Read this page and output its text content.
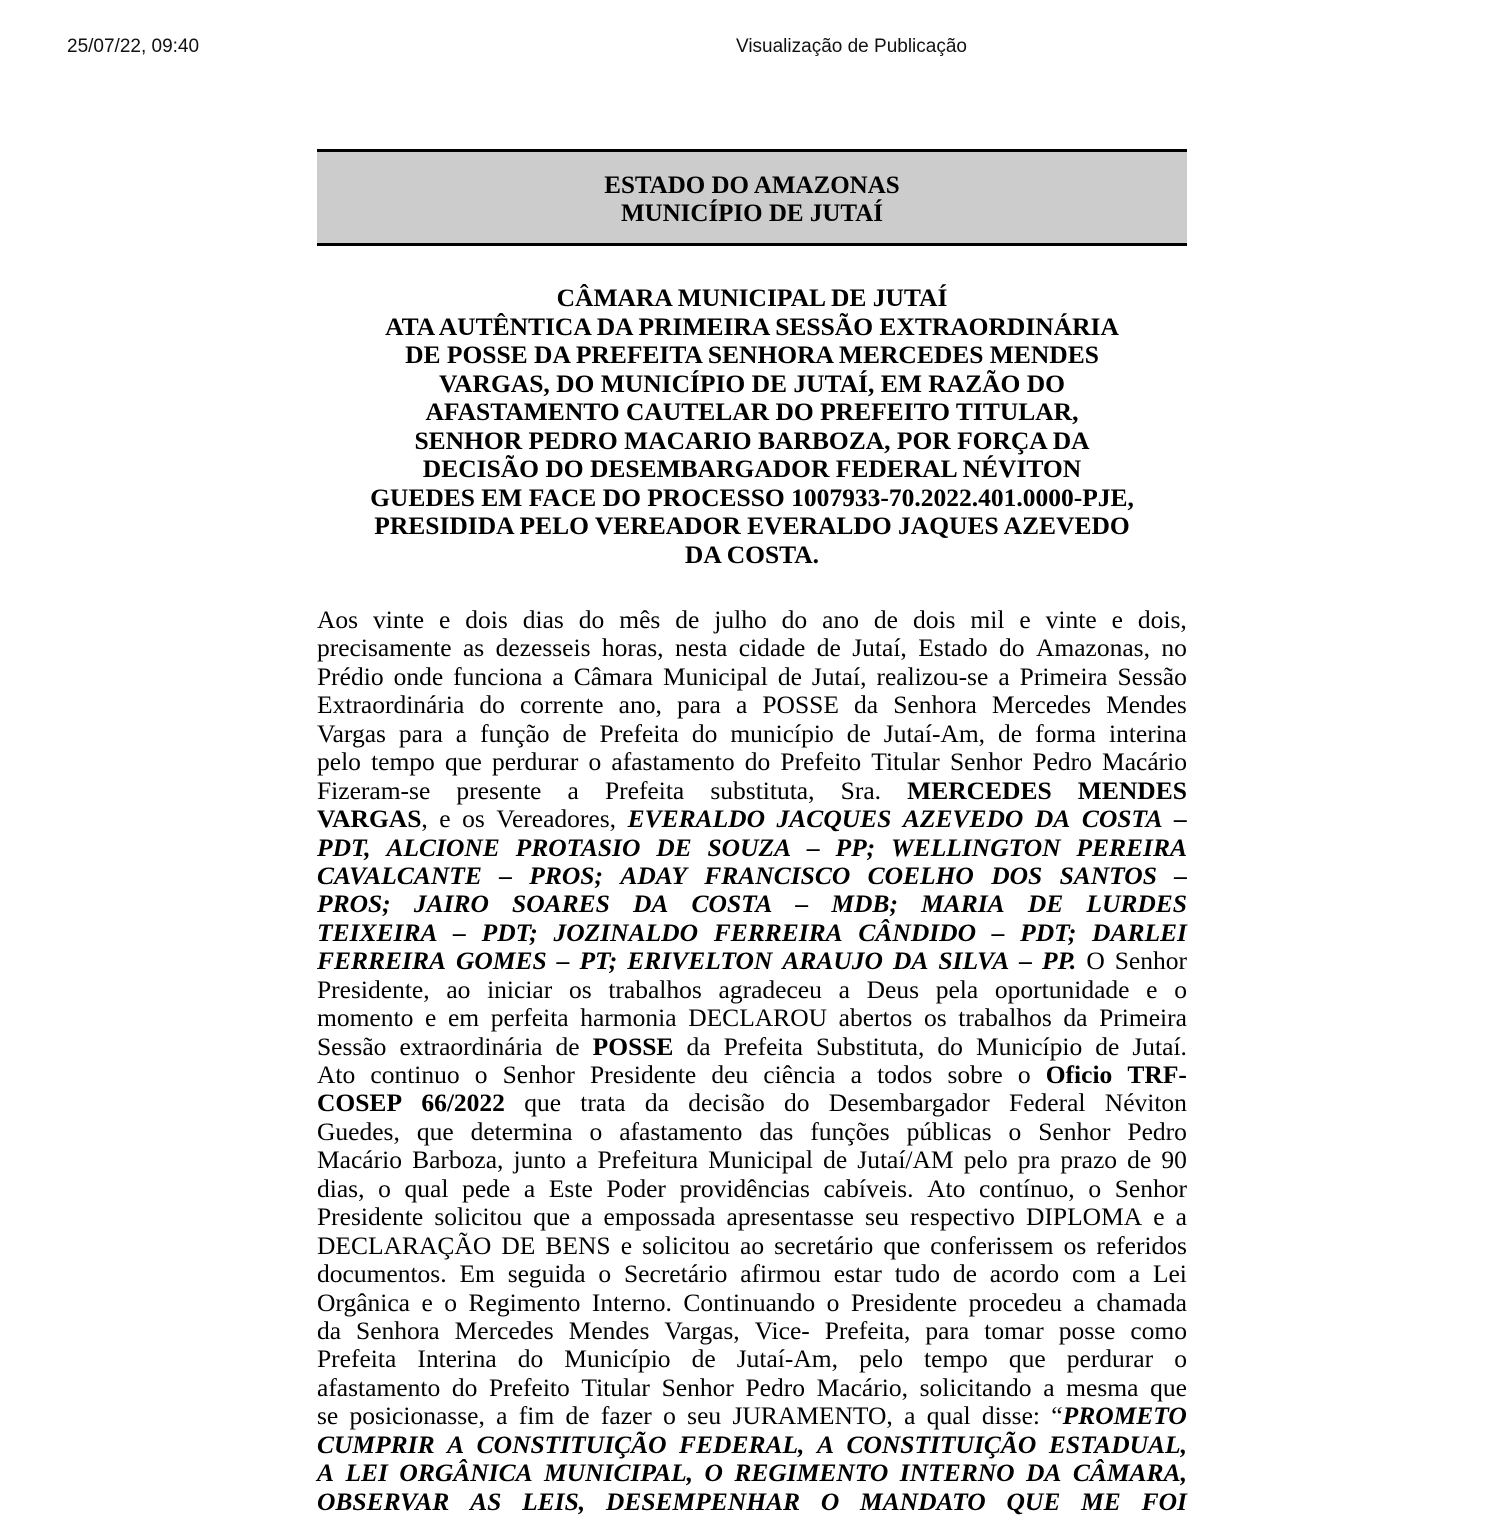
25/07/22, 09:40	Visualização de Publicação
ESTADO DO AMAZONAS
MUNICÍPIO DE JUTAÍ
CÂMARA MUNICIPAL DE JUTAÍ
ATA AUTÊNTICA DA PRIMEIRA SESSÃO EXTRAORDINÁRIA
DE POSSE DA PREFEITA SENHORA MERCEDES MENDES
VARGAS, DO MUNICÍPIO DE JUTAÍ, EM RAZÃO DO
AFASTAMENTO CAUTELAR DO PREFEITO TITULAR,
SENHOR PEDRO MACARIO BARBOZA, POR FORÇA DA
DECISÃO DO DESEMBARGADOR FEDERAL NÉVITON
GUEDES EM FACE DO PROCESSO 1007933-70.2022.401.0000-PJE,
PRESIDIDA PELO VEREADOR EVERALDO JAQUES AZEVEDO
DA COSTA.
Aos vinte e dois dias do mês de julho do ano de dois mil e vinte e dois,
precisamente as dezesseis horas, nesta cidade de Jutaí, Estado do Amazonas, no
Prédio onde funciona a Câmara Municipal de Jutaí, realizou-se a Primeira Sessão
Extraordinária do corrente ano, para a POSSE da Senhora Mercedes Mendes
Vargas para a função de Prefeita do município de Jutaí-Am, de forma interina
pelo tempo que perdurar o afastamento do Prefeito Titular Senhor Pedro Macário
Fizeram-se presente a Prefeita substituta, Sra. MERCEDES MENDES
VARGAS, e os Vereadores, EVERALDO JACQUES AZEVEDO DA COSTA –
PDT, ALCIONE PROTASIO DE SOUZA – PP; WELLINGTON PEREIRA
CAVALCANTE – PROS; ADAY FRANCISCO COELHO DOS SANTOS –
PROS; JAIRO SOARES DA COSTA – MDB; MARIA DE LURDES
TEIXEIRA – PDT; JOZINALDO FERREIRA CÂNDIDO – PDT; DARLEI
FERREIRA GOMES – PT; ERIVELTON ARAUJO DA SILVA – PP. O Senhor
Presidente, ao iniciar os trabalhos agradeceu a Deus pela oportunidade e o
momento e em perfeita harmonia DECLAROU abertos os trabalhos da Primeira
Sessão extraordinária de POSSE da Prefeita Substituta, do Município de Jutaí.
Ato continuo o Senhor Presidente deu ciência a todos sobre o Oficio TRF-
COSEP 66/2022 que trata da decisão do Desembargador Federal Néviton
Guedes, que determina o afastamento das funções públicas o Senhor Pedro
Macário Barboza, junto a Prefeitura Municipal de Jutaí/AM pelo pra prazo de 90
dias, o qual pede a Este Poder providências cabíveis. Ato contínuo, o Senhor
Presidente solicitou que a empossada apresentasse seu respectivo DIPLOMA e a
DECLARAÇÃO DE BENS e solicitou ao secretário que conferissem os referidos
documentos. Em seguida o Secretário afirmou estar tudo de acordo com a Lei
Orgânica e o Regimento Interno. Continuando o Presidente procedeu a chamada
da Senhora Mercedes Mendes Vargas, Vice- Prefeita, para tomar posse como
Prefeita Interina do Município de Jutaí-Am, pelo tempo que perdurar o
afastamento do Prefeito Titular Senhor Pedro Macário, solicitando a mesma que
se posicionasse, a fim de fazer o seu JURAMENTO, a qual disse: “PROMETO
CUMPRIR A CONSTITUIÇÃO FEDERAL, A CONSTITUIÇÃO ESTADUAL,
A LEI ORGÂNICA MUNICIPAL, O REGIMENTO INTERNO DA CÂMARA,
OBSERVAR AS LEIS, DESEMPENHAR O MANDATO QUE ME FOI
